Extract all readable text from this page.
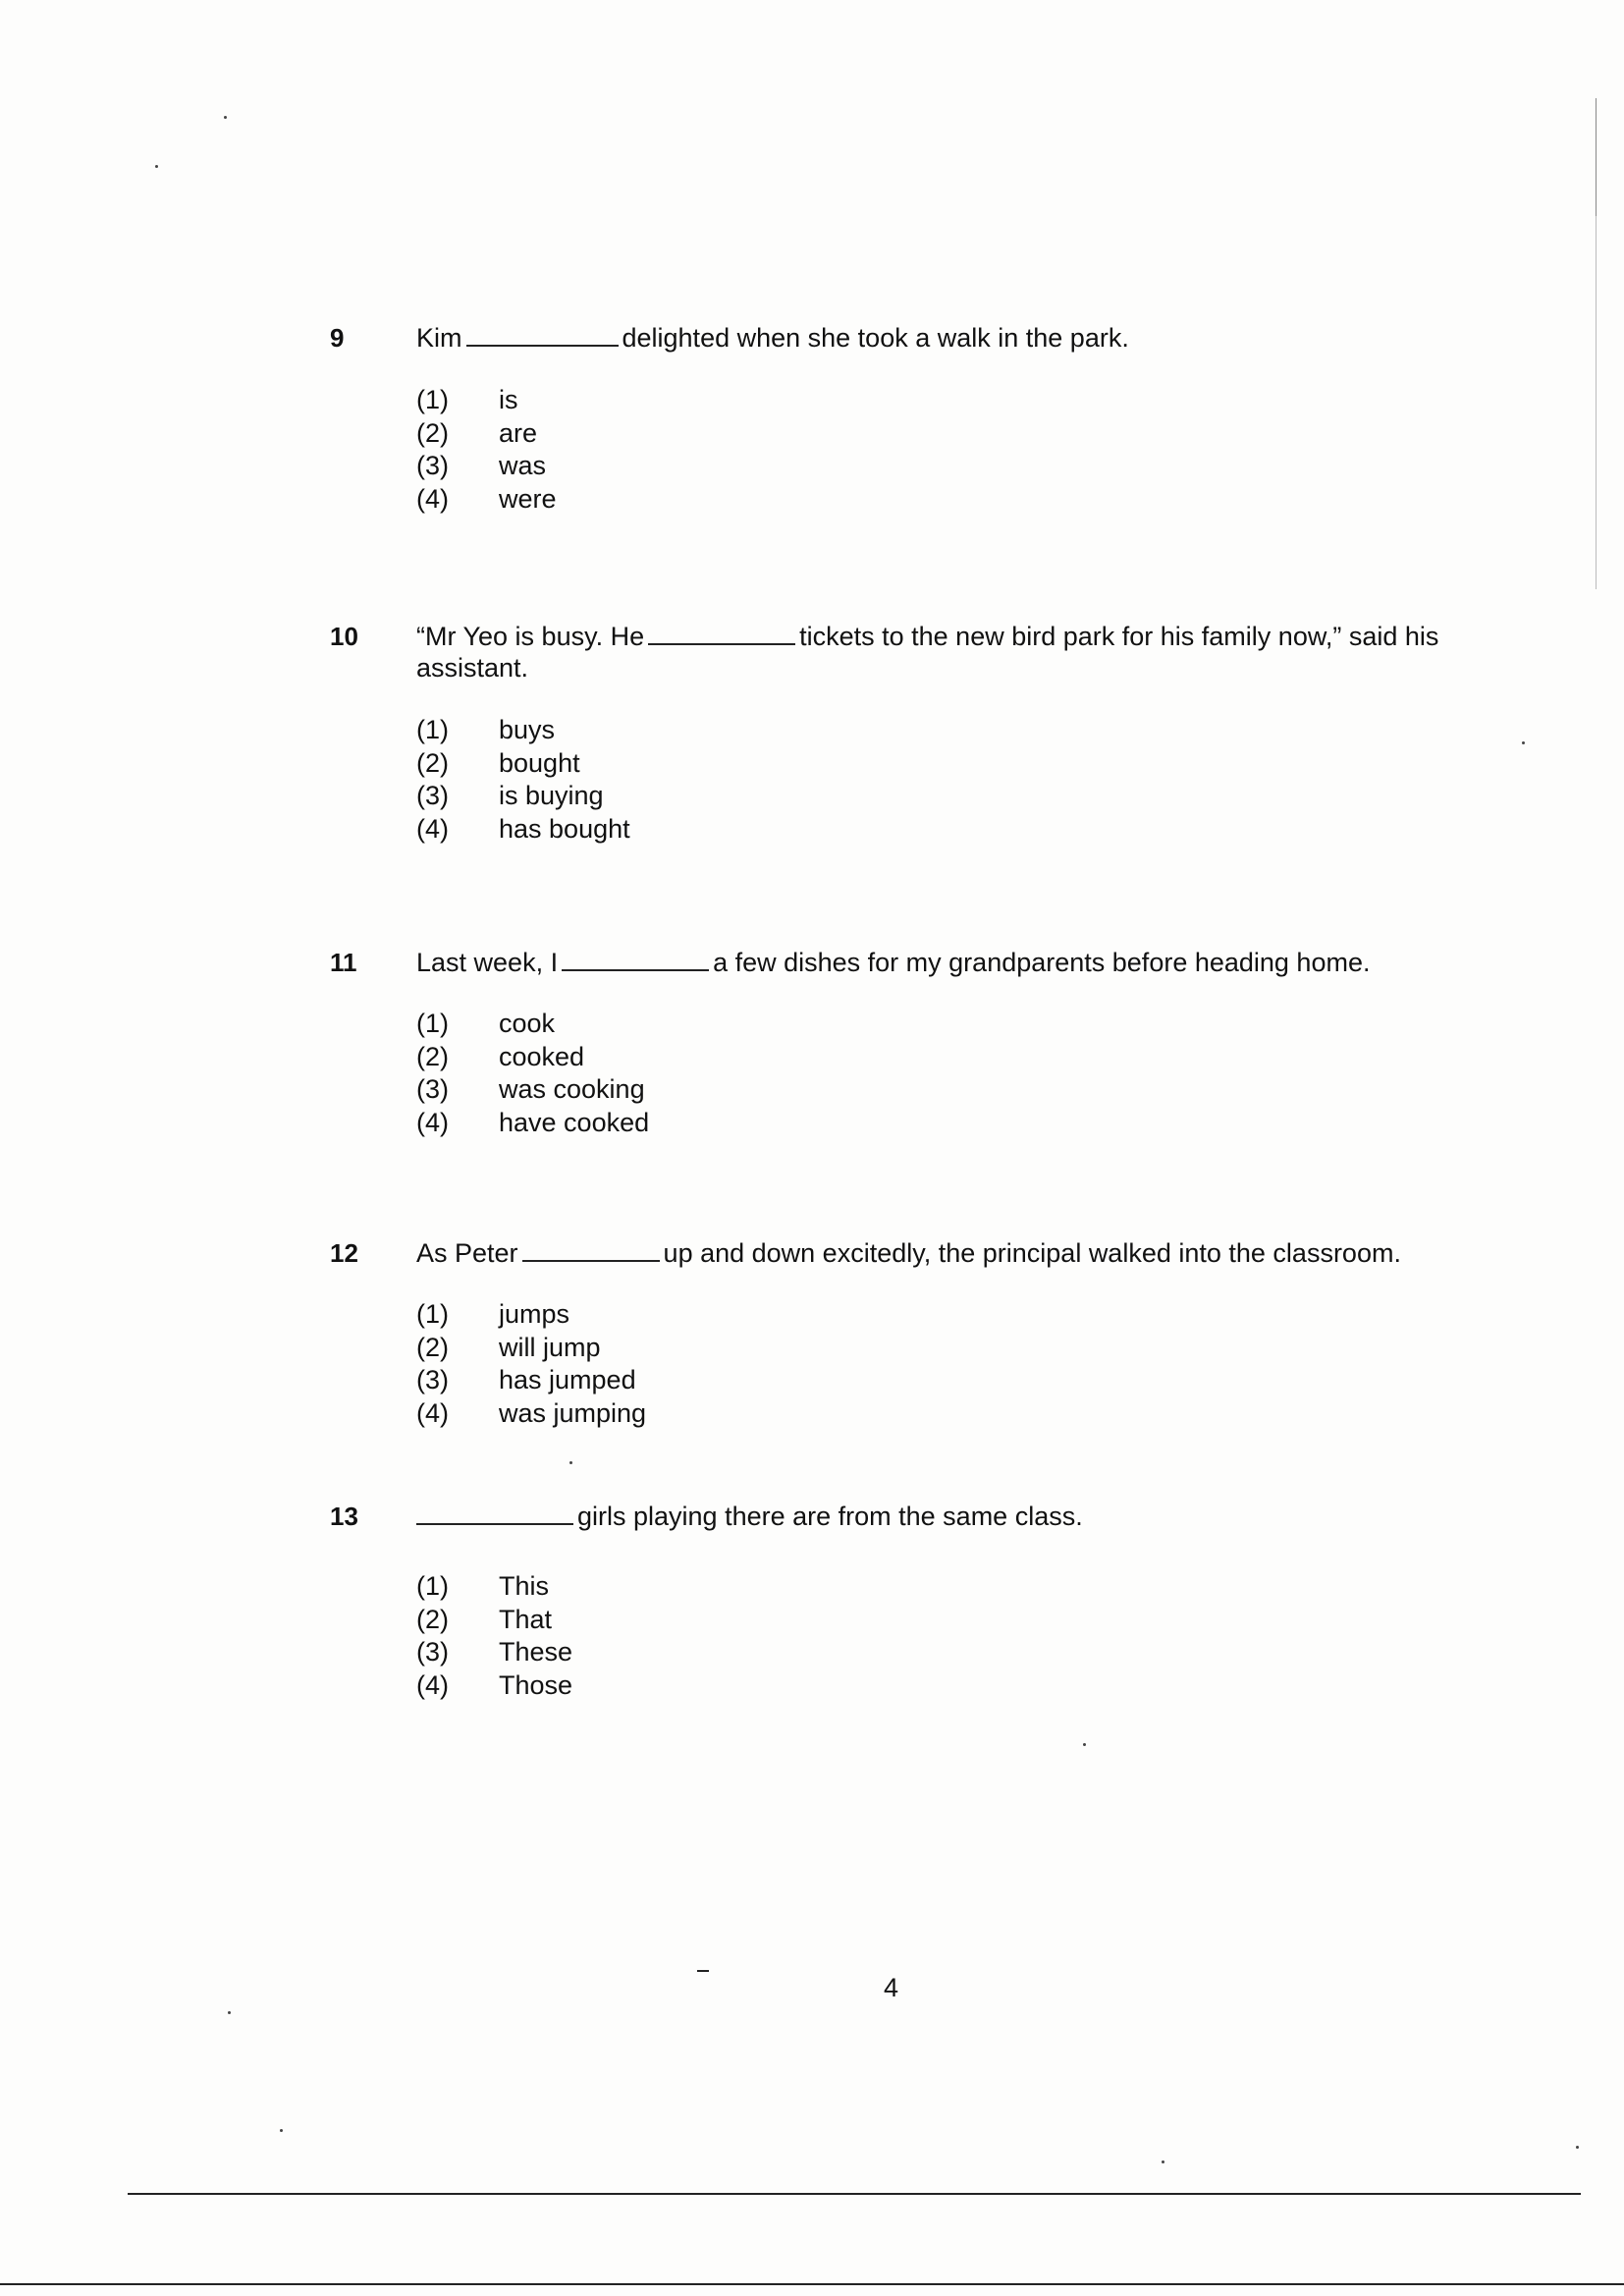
9	Kim	delighted when she took a walk in the park.
(1) is
(2) are
(3) was
(4) were
10	“Mr Yeo is busy. He	tickets to the new bird park for his family now,” said his assistant.
(1) buys
(2) bought
(3) is buying
(4) has bought
11	Last week, I	a few dishes for my grandparents before heading home.
(1) cook
(2) cooked
(3) was cooking
(4) have cooked
12	As Peter	up and down excitedly, the principal walked into the classroom.
(1) jumps
(2) will jump
(3) has jumped
(4) was jumping
13	girls playing there are from the same class.
(1) This
(2) That
(3) These
(4) Those
4
